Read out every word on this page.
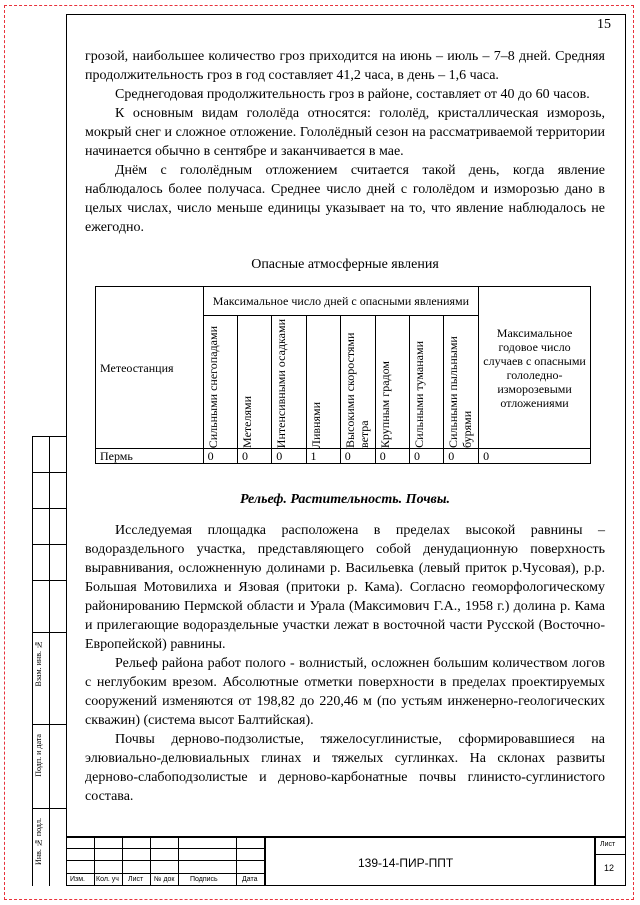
Взам. инв. №
Подп. и дата
Инв. № подл.
15

грозой, наибольшее количество гроз приходится на июнь – июль – 7–8 дней. Средняя продолжительность гроз в год составляет 41,2 часа, в день – 1,6 часа.

Среднегодовая продолжительность гроз в районе, составляет от 40 до 60 часов.

К основным видам гололёда относятся: гололёд, кристаллическая изморозь, мокрый снег и сложное отложение. Гололёдный сезон на рассматриваемой территории начинается обычно в сентябре и заканчивается в мае.

Днём с гололёдным отложением считается такой день, когда явление наблюдалось более получаса. Среднее число дней с гололёдом и изморозью дано в целых числах, число меньше единицы указывает на то, что явление наблюдалось не ежегодно.

Опасные атмосферные явления
Метеостанция	Максимальное число дней с опасными явлениями								Максимальное годовое число случаев с опасными гололедно-изморозевыми отложениями

	Сильными снегопадами	Метелями	Интенсивными осадками	Ливнями	Высокими скоростями ветра	Крупным градом	Сильными туманами	Сильными пыльными бурями	

Пермь	0	0	0	1	0	0	0	0	0
Рельеф. Растительность. Почвы.

Исследуемая площадка расположена в пределах высокой равнины – водораздельного участка, представляющего собой денудационную поверхность выравнивания, осложненную долинами р. Васильевка (левый приток р.Чусовая), р.р. Большая Мотовилиха и Язовая (притоки р. Кама). Согласно геоморфологическому районированию Пермской области и Урала (Максимович Г.А., 1958 г.) долина р. Кама и прилегающие водораздельные участки лежат в восточной части Русской (Восточно-Европейской) равнины.

Рельеф района работ полого - волнистый, осложнен большим количеством логов с неглубоким врезом. Абсолютные отметки поверхности в пределах проектируемых сооружений изменяются от 198,82 до 220,46 м (по устьям инженерно-геологических скважин) (система высот Балтийская).

Почвы дерново-подзолистые, тяжелосуглинистые, сформировавшиеся на элювиально-делювиальных глинах и тяжелых суглинках. На склонах развиты дерново-слабоподзолистые и дерново-карбонатные почвы глинисто-суглинистого состава.

Изм. Кол. уч Лист № док Подпись	Дата
139-14-ПИР-ППТ
Лист
12
